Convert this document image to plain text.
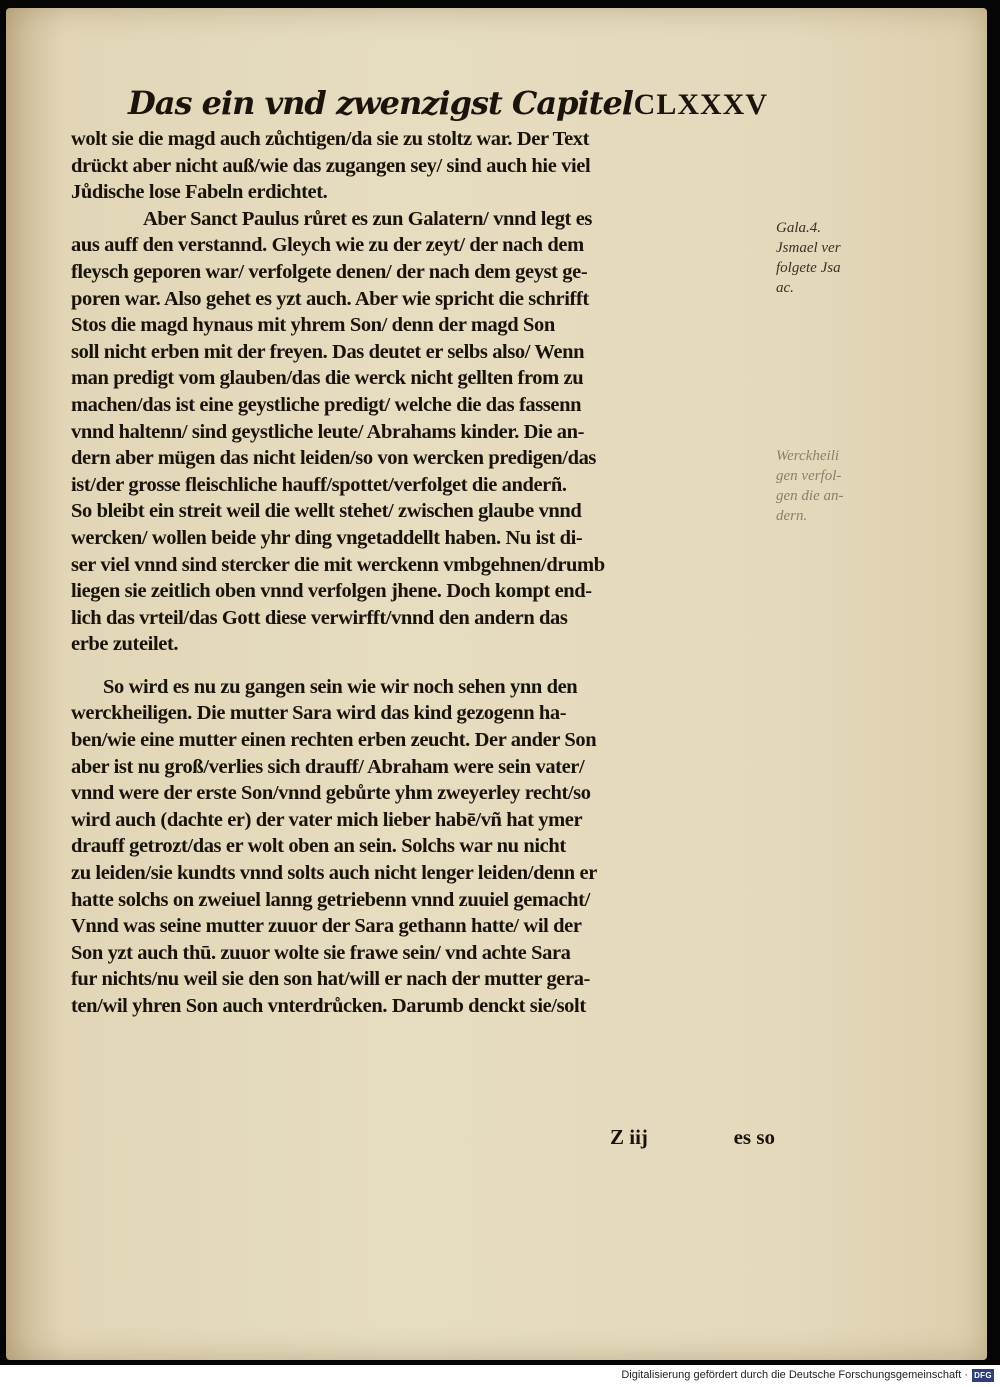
Das ein vnd zwenzigst Capitel CLXXXV
wolt sie die magd auch zůchtigen/da sie zu stoltz war. Der Text
drückt aber nicht auß/wie das zugangen sey/ sind auch hie viel
Jůdische lose Fabeln erdichtet.
Aber Sanct Paulus růret es zun Galatern/ vnnd legt es
aus auff den verstannd. Gleych wie zu der zeyt/ der nach dem
fleysch geporen war/ verfolgete denen/ der nach dem geyst ge-
poren war. Also gehet es yzt auch. Aber wie spricht die schrifft
Stos die magd hynaus mit yhrem Son/ denn der magd Son
soll nicht erben mit der freyen. Das deutet er selbs also/ Wenn
man predigt vom glauben/das die werck nicht gellten from zu
machen/das ist eine geystliche predigt/ welche die das fassenn
vnnd haltenn/ sind geystliche leute/ Abrahams kinder. Die an-
dern aber mügen das nicht leiden/so von wercken predigen/das
ist/der grosse fleischliche hauff/spottet/verfolget die anderñ.
So bleibt ein streit weil die wellt stehet/ zwischen glaube vnnd
wercken/ wollen beide yhr ding vngetaddellt haben. Nu ist di-
ser viel vnnd sind stercker die mit werckenn vmbgehnen/drumb
liegen sie zeitlich oben vnnd verfolgen jhene. Doch kompt end-
lich das vrteil/das Gott diese verwirfft/vnnd den andern das
erbe zuteilet.
So wird es nu zu gangen sein wie wir noch sehen ynn den
werckheiligen. Die mutter Sara wird das kind gezogenn ha-
ben/wie eine mutter einen rechten erben zeucht. Der ander Son
aber ist nu groß/verlies sich drauff/ Abraham were sein vater/
vnnd were der erste Son/vnnd gebůrte yhm zweyerley recht/so
wird auch (dachte er) der vater mich lieber habē/vñ hat ymer
drauff getrozt/das er wolt oben an sein. Solchs war nu nicht
zu leiden/sie kundts vnnd solts auch nicht lenger leiden/denn er
hatte solchs on zweiuel lanng getriebenn vnnd zuuiel gemacht/
Vnnd was seine mutter zuuor der Sara gethann hatte/ wil der
Son yzt auch thū. zuuor wolte sie frawe sein/ vnd achte Sara
fur nichts/nu weil sie den son hat/will er nach der mutter gera-
ten/wil yhren Son auch vnterdrůcken. Darumb denckt sie/solt
Gala.4.
Jsmael ver
folgete Jsa
ac.
Werckheili
gen verfol-
gen die an-
dern.
Z iij	es so
Digitalisierung gefördert durch die Deutsche Forschungsgemeinschaft · DFG
